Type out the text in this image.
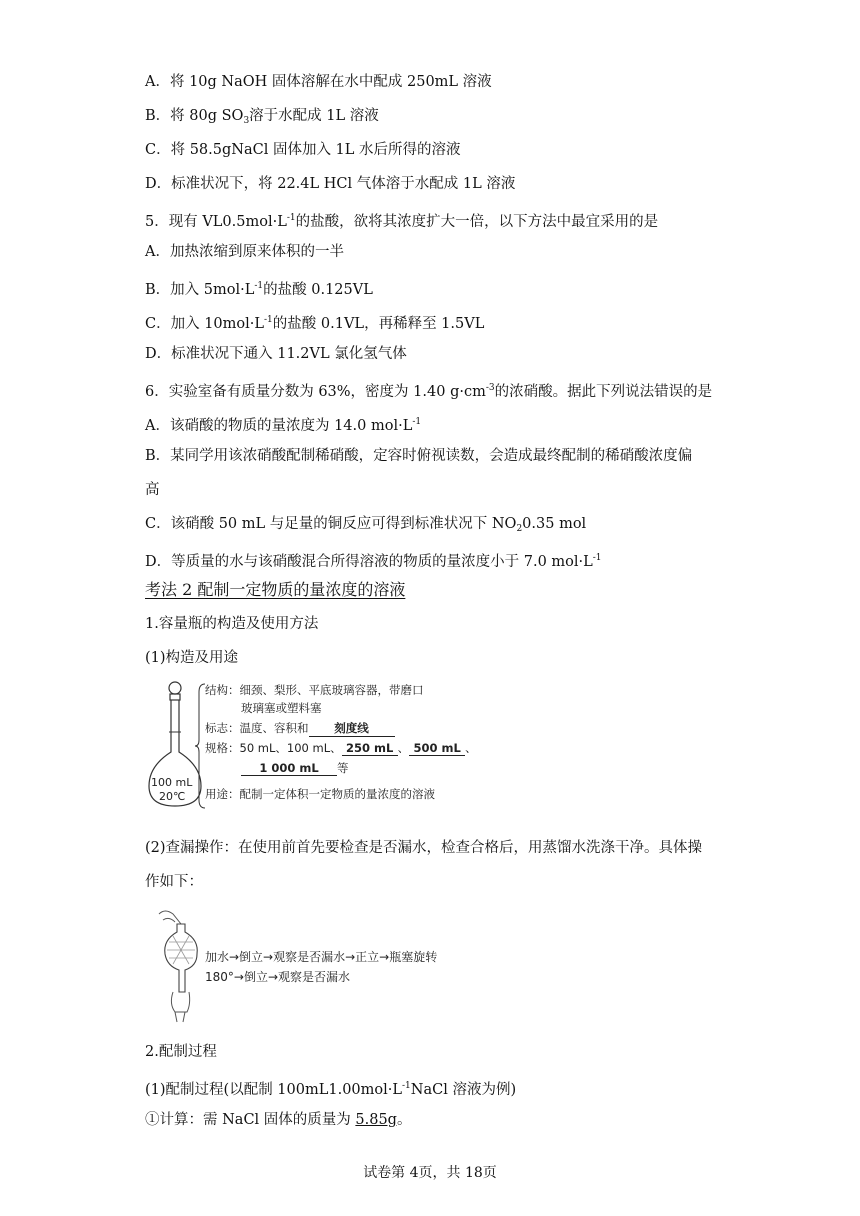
A．将 10g NaOH 固体溶解在水中配成 250mL 溶液
B．将 80g $SO_3$溶于水配成 1L 溶液
C．将 58.5gNaCl 固体加入 1L 水后所得的溶液
D．标准状况下，将 22.4L HCl 气体溶于水配成 1L 溶液
5．现有 $VL0.5mol\cdot L^{-1}$的盐酸，欲将其浓度扩大一倍，以下方法中最宜采用的是
A．加热浓缩到原来体积的一半
B．加入 $5mol\cdot L^{-1}$的盐酸 0.125VL
C．加入 $10mol\cdot L^{-1}$的盐酸 0.1VL，再稀释至 1.5VL
D．标准状况下通入 11.2VL 氯化氢气体
6．实验室备有质量分数为 63%，密度为 1.40 $g\cdot cm^{-3}$的浓硝酸。据此下列说法错误的是
A．该硝酸的物质的量浓度为 14.0 $mol\cdot L^{-1}$
B．某同学用该浓硝酸配制稀硝酸，定容时俯视读数，会造成最终配制的稀硝酸浓度偏
高
C．该硝酸 50 mL 与足量的铜反应可得到标准状况下 $NO_20.35$ mol
D．等质量的水与该硝酸混合所得溶液的物质的量浓度小于 7.0 $mol\cdot L^{-1}$
考法 2 配制一定物质的量浓度的溶液
1.容量瓶的构造及使用方法
(1)构造及用途
100 mL
20℃
结构：细颈、梨形、平底玻璃容器，带磨口
玻璃塞或塑料塞
标志：温度、容积和 刻度线
规格：50 mL、100 mL、 250 mL 、 500 mL 、
1 000 mL 等
用途：配制一定体积一定物质的量浓度的溶液
(2)查漏操作：在使用前首先要检查是否漏水，检查合格后，用蒸馏水洗涤干净。具体操
作如下：
加水→倒立→观察是否漏水→正立→瓶塞旋转
180°→倒立→观察是否漏水
2.配制过程
(1)配制过程(以配制 $100mL1.00mol\cdot L^{-1}NaCl$ 溶液为例)
①计算：需 NaCl 固体的质量为 5.85g。
试卷第 4页，共 18页
